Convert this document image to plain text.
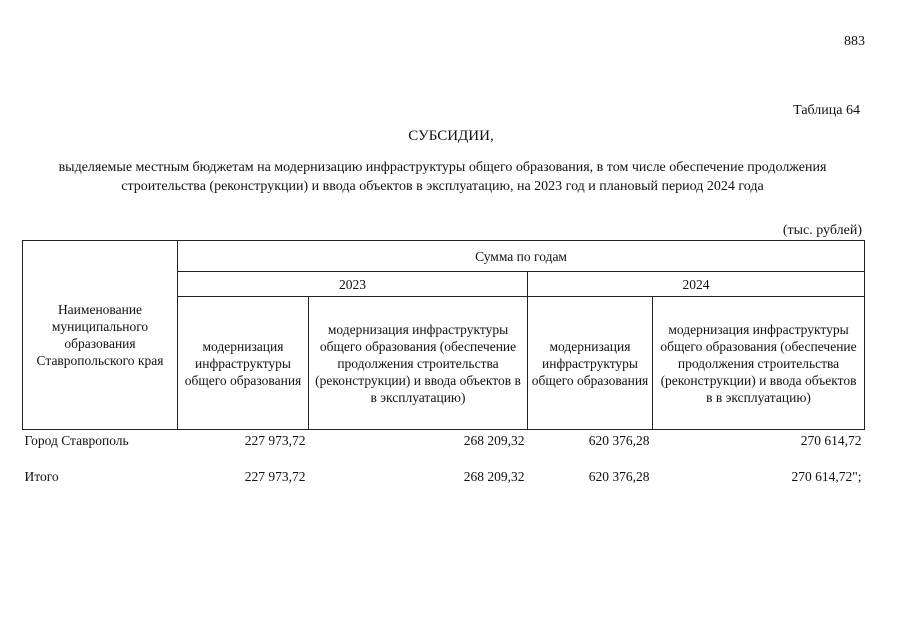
883
Таблица 64
СУБСИДИИ,
выделяемые местным бюджетам на модернизацию инфраструктуры общего образования, в том числе обеспечение продолжения
строительства (реконструкции) и ввода объектов в эксплуатацию, на 2023 год и плановый период 2024 года
(тыс. рублей)
Наименование муниципального образования Ставропольского края	Сумма по годам			
	2023		2024	
	модернизация инфраструктуры общего образования	модернизация инфраструктуры общего образования (обеспечение продолжения строительства (реконструкции) и ввода объектов в в эксплуатацию)	модернизация инфраструктуры общего образования	модернизация инфраструктуры общего образования (обеспечение продолжения строительства (реконструкции) и ввода объектов в в эксплуатацию)
Город Ставрополь	227 973,72	268 209,32	620 376,28	270 614,72
Итого	227 973,72	268 209,32	620 376,28	270 614,72";
